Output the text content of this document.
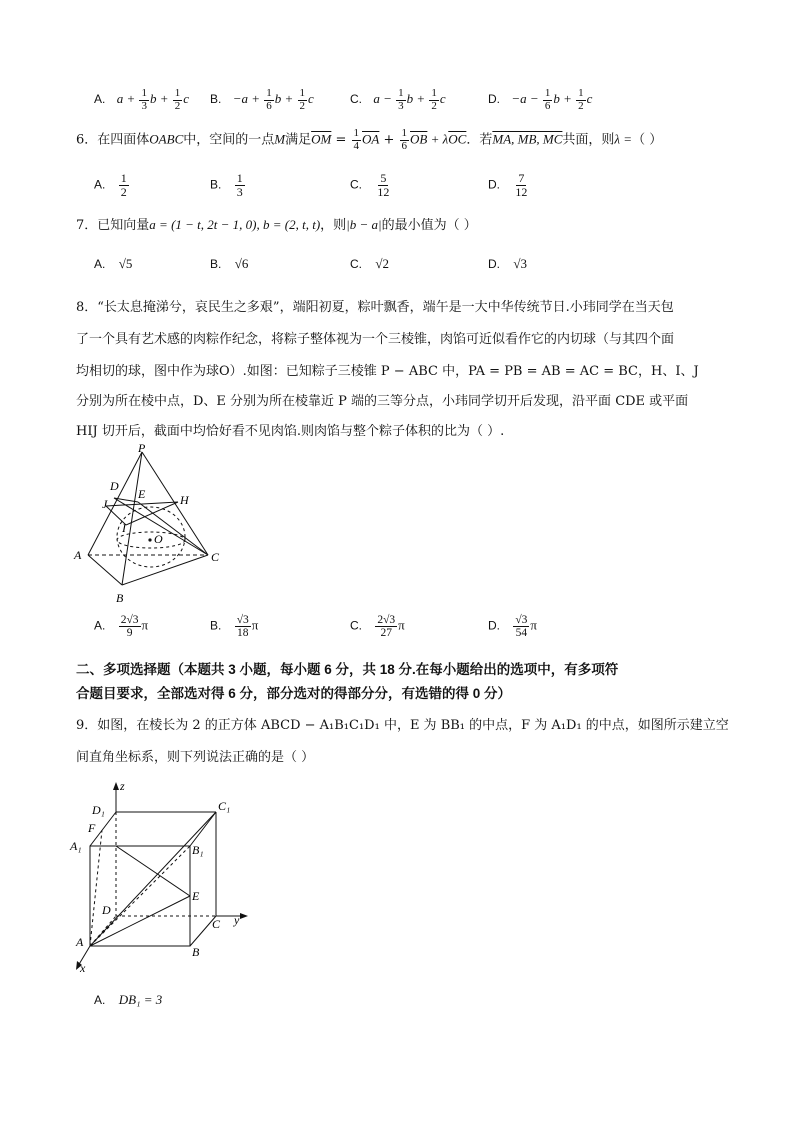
A. $a + \frac{1}{3}$ $b + \frac{1}{2}$ c B. $-a + \frac{1}{6}$ $b + \frac{1}{2}$ c	C. $a - \frac{1}{3}$ $b + \frac{1}{2}$ c	D. $-a - \frac{1}{6}$ $b + \frac{1}{2}$ c
6．在四面体OABC中，空间的一点M满足$\overline{OM} = \frac{1}{4} \overline{OA} + \frac{1}{6} \overline{OB} + \lambda\overline{OC}$．若MA, MB, MC共面，则λ =（ ）
A. $\frac{1}{2}$	B. $\frac{1}{3}$	C. $\frac{5}{12}$	D. $\frac{7}{12}$
7．已知向量a = (1 − t, 2t − 1, 0), b = (2, t, t)，则|b − a|的最小值为（ ）
A. √5	B. √6	C. √2	D. √3
8．“长太息掩涕兮，哀民生之多艰”，端阳初夏，粽叶飘香，端午是一大中华传统节日.小玮同学在当天包
了一个具有艺术感的肉粽作纪念，将粽子整体视为一个三棱锥，肉馅可近似看作它的内切球（与其四个面
均相切的球，图中作为球O）.如图：已知粽子三棱锥 P − ABC 中，PA = PB = AB = AC = BC，H、I、J
分别为所在棱中点，D、E 分别为所在棱靠近 P 端的三等分点，小玮同学切开后发现，沿平面 CDE 或平面
HIJ 切开后，截面中均恰好看不见肉馅.则肉馅与整个粽子体积的比为（ ）.
P
D
E
J	H
I
O
A	C
B
A. $\frac{2√3}{9}$ π	B. $\frac{√3}{18}$ π	C. $\frac{2√3}{27}$ π	D. $\frac{√3}{54}$ π
二、多项选择题（本题共 3 小题，每小题 6 分，共 18 分.在每小题给出的选项中，有多项符
合题目要求，全部选对得 6 分，部分选对的得部分分，有选错的得 0 分）
9．如图，在棱长为 2 的正方体 ABCD − A₁B₁C₁D₁ 中，E 为 BB₁ 的中点，F 为 A₁D₁ 的中点，如图所示建立空
间直角坐标系，则下列说法正确的是（ ）
z
D₁	C₁
F
A₁	B₁
E
D
C y
A
B
x
A. DB₁ = 3
